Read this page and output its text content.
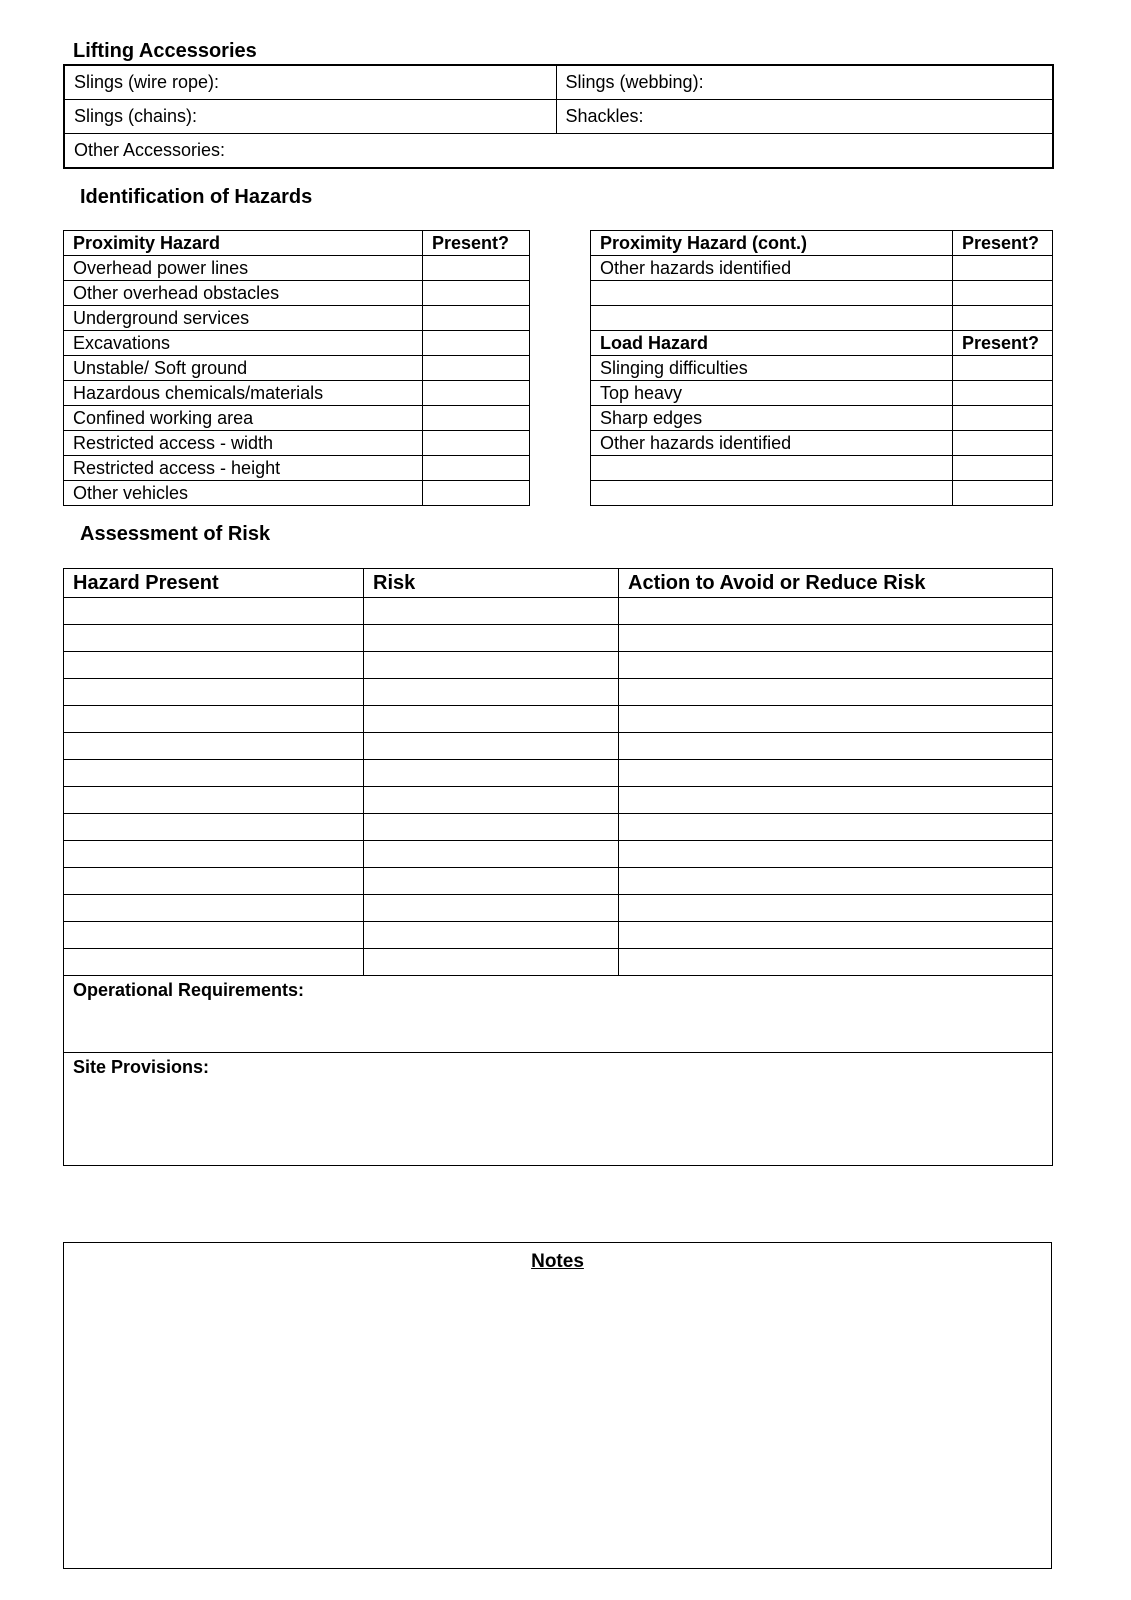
Lifting Accessories
Slings (wire rope):	Slings (webbing):
Slings (chains):	Shackles:
Other Accessories:	
Identification of Hazards
Proximity Hazard	Present?
Overhead power lines	
Other overhead obstacles	
Underground services	
Excavations	
Unstable/ Soft ground	
Hazardous chemicals/materials	
Confined working area	
Restricted access - width	
Restricted access - height	
Other vehicles	
Proximity Hazard (cont.)	Present?
Other hazards identified	

Load Hazard	Present?
Slinging difficulties	
Top heavy	
Sharp edges	
Other hazards identified	

Assessment of Risk
Hazard Present	Risk	Action to Avoid or Reduce Risk

Operational Requirements:		
Site Provisions:		
Notes
